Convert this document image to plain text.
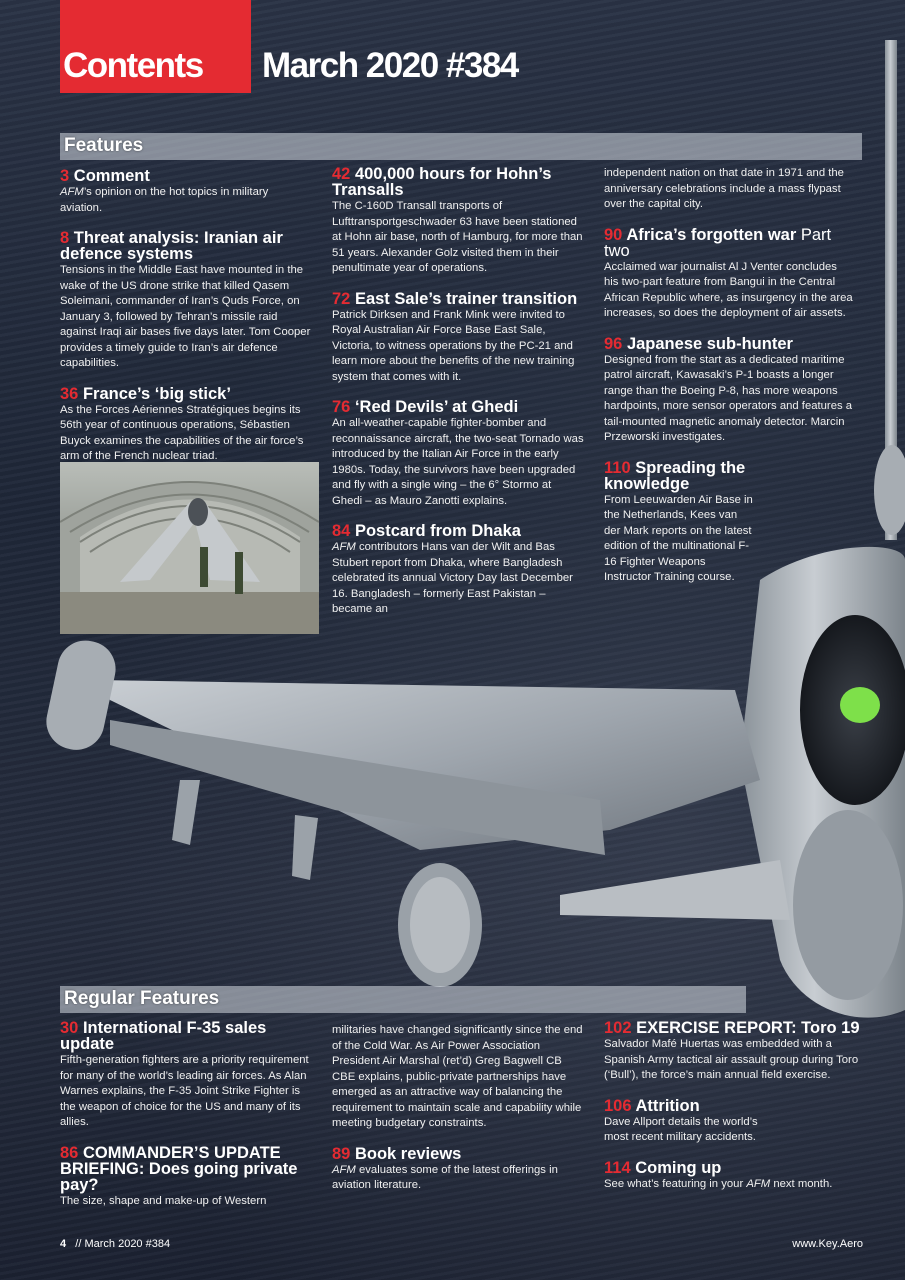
Contents March 2020 #384
Features
3 Comment

AFM’s opinion on the hot topics in military aviation.

8 Threat analysis: Iranian air defence systems

Tensions in the Middle East have mounted in the wake of the US drone strike that killed Qasem Soleimani, commander of Iran’s Quds Force, on January 3, followed by Tehran’s missile raid against Iraqi air bases five days later. Tom Cooper provides a timely guide to Iran’s air defence capabilities.

36 France’s ‘big stick’

As the Forces Aériennes Stratégiques begins its 56th year of continuous operations, Sébastien Buyck examines the capabilities of the air force’s arm of the French nuclear triad.

42 400,000 hours for Hohn’s Transalls

The C-160D Transall transports of Lufttransportgeschwader 63 have been stationed at Hohn air base, north of Hamburg, for more than 51 years. Alexander Golz visited them in their penultimate year of operations.

72 East Sale’s trainer transition

Patrick Dirksen and Frank Mink were invited to Royal Australian Air Force Base East Sale, Victoria, to witness operations by the PC-21 and learn more about the benefits of the new training system that comes with it.

76 ‘Red Devils’ at Ghedi

An all-weather-capable fighter-bomber and reconnaissance aircraft, the two-seat Tornado was introduced by the Italian Air Force in the early 1980s. Today, the survivors have been upgraded and fly with a single wing – the 6° Stormo at Ghedi – as Mauro Zanotti explains.

84 Postcard from Dhaka

AFM contributors Hans van der Wilt and Bas Stubert report from Dhaka, where Bangladesh celebrated its annual Victory Day last December 16. Bangladesh – formerly East Pakistan – became an

independent nation on that date in 1971 and the anniversary celebrations include a mass flypast over the capital city.

90 Africa’s forgotten war Part two

Acclaimed war journalist Al J Venter concludes his two-part feature from Bangui in the Central African Republic where, as insurgency in the area increases, so does the deployment of air assets.

96 Japanese sub-hunter

Designed from the start as a dedicated maritime patrol aircraft, Kawasaki’s P-1 boasts a longer range than the Boeing P-8, has more weapons hardpoints, more sensor operators and features a tail-mounted magnetic anomaly detector. Marcin Przeworski investigates.

110 Spreading the knowledge

From Leeuwarden Air Base in the Netherlands, Kees van der Mark reports on the latest edition of the multinational F-16 Fighter Weapons Instructor Training course.

Regular Features
30 International F-35 sales update

Fifth-generation fighters are a priority requirement for many of the world’s leading air forces. As Alan Warnes explains, the F-35 Joint Strike Fighter is the weapon of choice for the US and many of its allies.

86 COMMANDER’S UPDATE BRIEFING: Does going private pay?

The size, shape and make-up of Western

militaries have changed significantly since the end of the Cold War. As Air Power Association President Air Marshal (ret’d) Greg Bagwell CB CBE explains, public-private partnerships have emerged as an attractive way of balancing the requirement to maintain scale and capability while meeting budgetary constraints.

89 Book reviews

AFM evaluates some of the latest offerings in aviation literature.

102 EXERCISE REPORT: Toro 19

Salvador Mafé Huertas was embedded with a Spanish Army tactical air assault group during Toro (‘Bull’), the force’s main annual field exercise.

106 Attrition

Dave Allport details the world’s most recent military accidents.

114 Coming up

See what’s featuring in your AFM next month.

4 // March 2020 #384	www.Key.Aero
